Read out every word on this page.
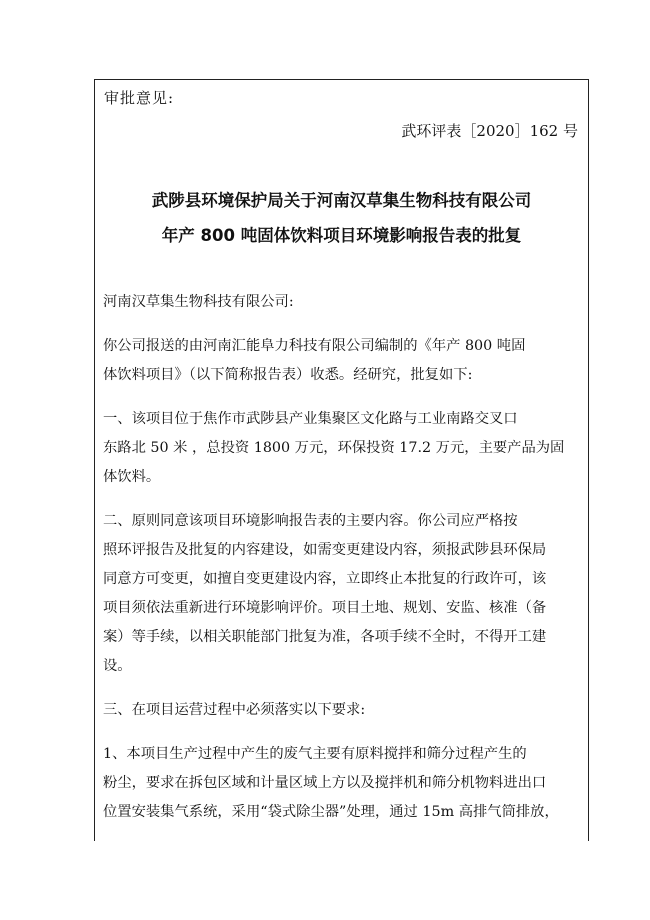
审批意见:
武环评表［2020］162 号
武陟县环境保护局关于河南汉草集生物科技有限公司
年产 800 吨固体饮料项目环境影响报告表的批复
河南汉草集生物科技有限公司:
你公司报送的由河南汇能阜力科技有限公司编制的《年产 800 吨固
体饮料项目》（以下简称报告表）收悉。经研究，批复如下:
一、该项目位于焦作市武陟县产业集聚区文化路与工业南路交叉口
东路北 50 米 ，总投资 1800 万元，环保投资 17.2 万元，主要产品为固
体饮料。
二、原则同意该项目环境影响报告表的主要内容。你公司应严格按
照环评报告及批复的内容建设，如需变更建设内容，须报武陟县环保局
同意方可变更，如擅自变更建设内容，立即终止本批复的行政许可，该
项目须依法重新进行环境影响评价。项目土地、规划、安监、核准（备
案）等手续，以相关职能部门批复为准，各项手续不全时，不得开工建
设。
三、在项目运营过程中必须落实以下要求:
1、本项目生产过程中产生的废气主要有原料搅拌和筛分过程产生的
粉尘，要求在拆包区域和计量区域上方以及搅拌机和筛分机物料进出口
位置安装集气系统，采用“袋式除尘器”处理，通过 15m 高排气筒排放，
